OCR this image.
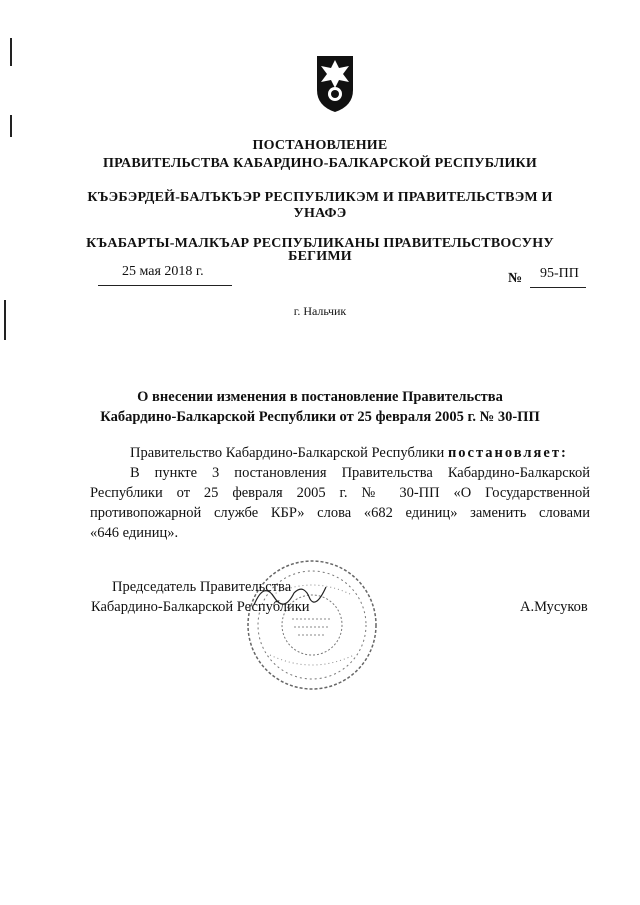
ПОСТАНОВЛЕНИЕ
ПРАВИТЕЛЬСТВА КАБАРДИНО-БАЛКАРСКОЙ РЕСПУБЛИКИ
КЪЭБЭРДЕЙ-БАЛЪКЪЭР РЕСПУБЛИКЭМ И ПРАВИТЕЛЬСТВЭМ И
УНАФЭ
КЪАБАРТЫ-МАЛКЪАР РЕСПУБЛИКАНЫ ПРАВИТЕЛЬСТВОСУНУ
БЕГИМИ
25 мая 2018 г.	№ 95-ПП
г. Нальчик
О внесении изменения в постановление Правительства
Кабардино-Балкарской Республики от 25 февраля 2005 г. № 30-ПП
Правительство Кабардино-Балкарской Республики постановляет:
В пункте 3 постановления Правительства Кабардино-Балкарской
Республики от 25 февраля 2005 г. № 30-ПП «О Государственной
противопожарной службе КБР» слова «682 единиц» заменить словами
«646 единиц».
Председатель Правительства
Кабардино-Балкарской Республики	А.Мусуков
